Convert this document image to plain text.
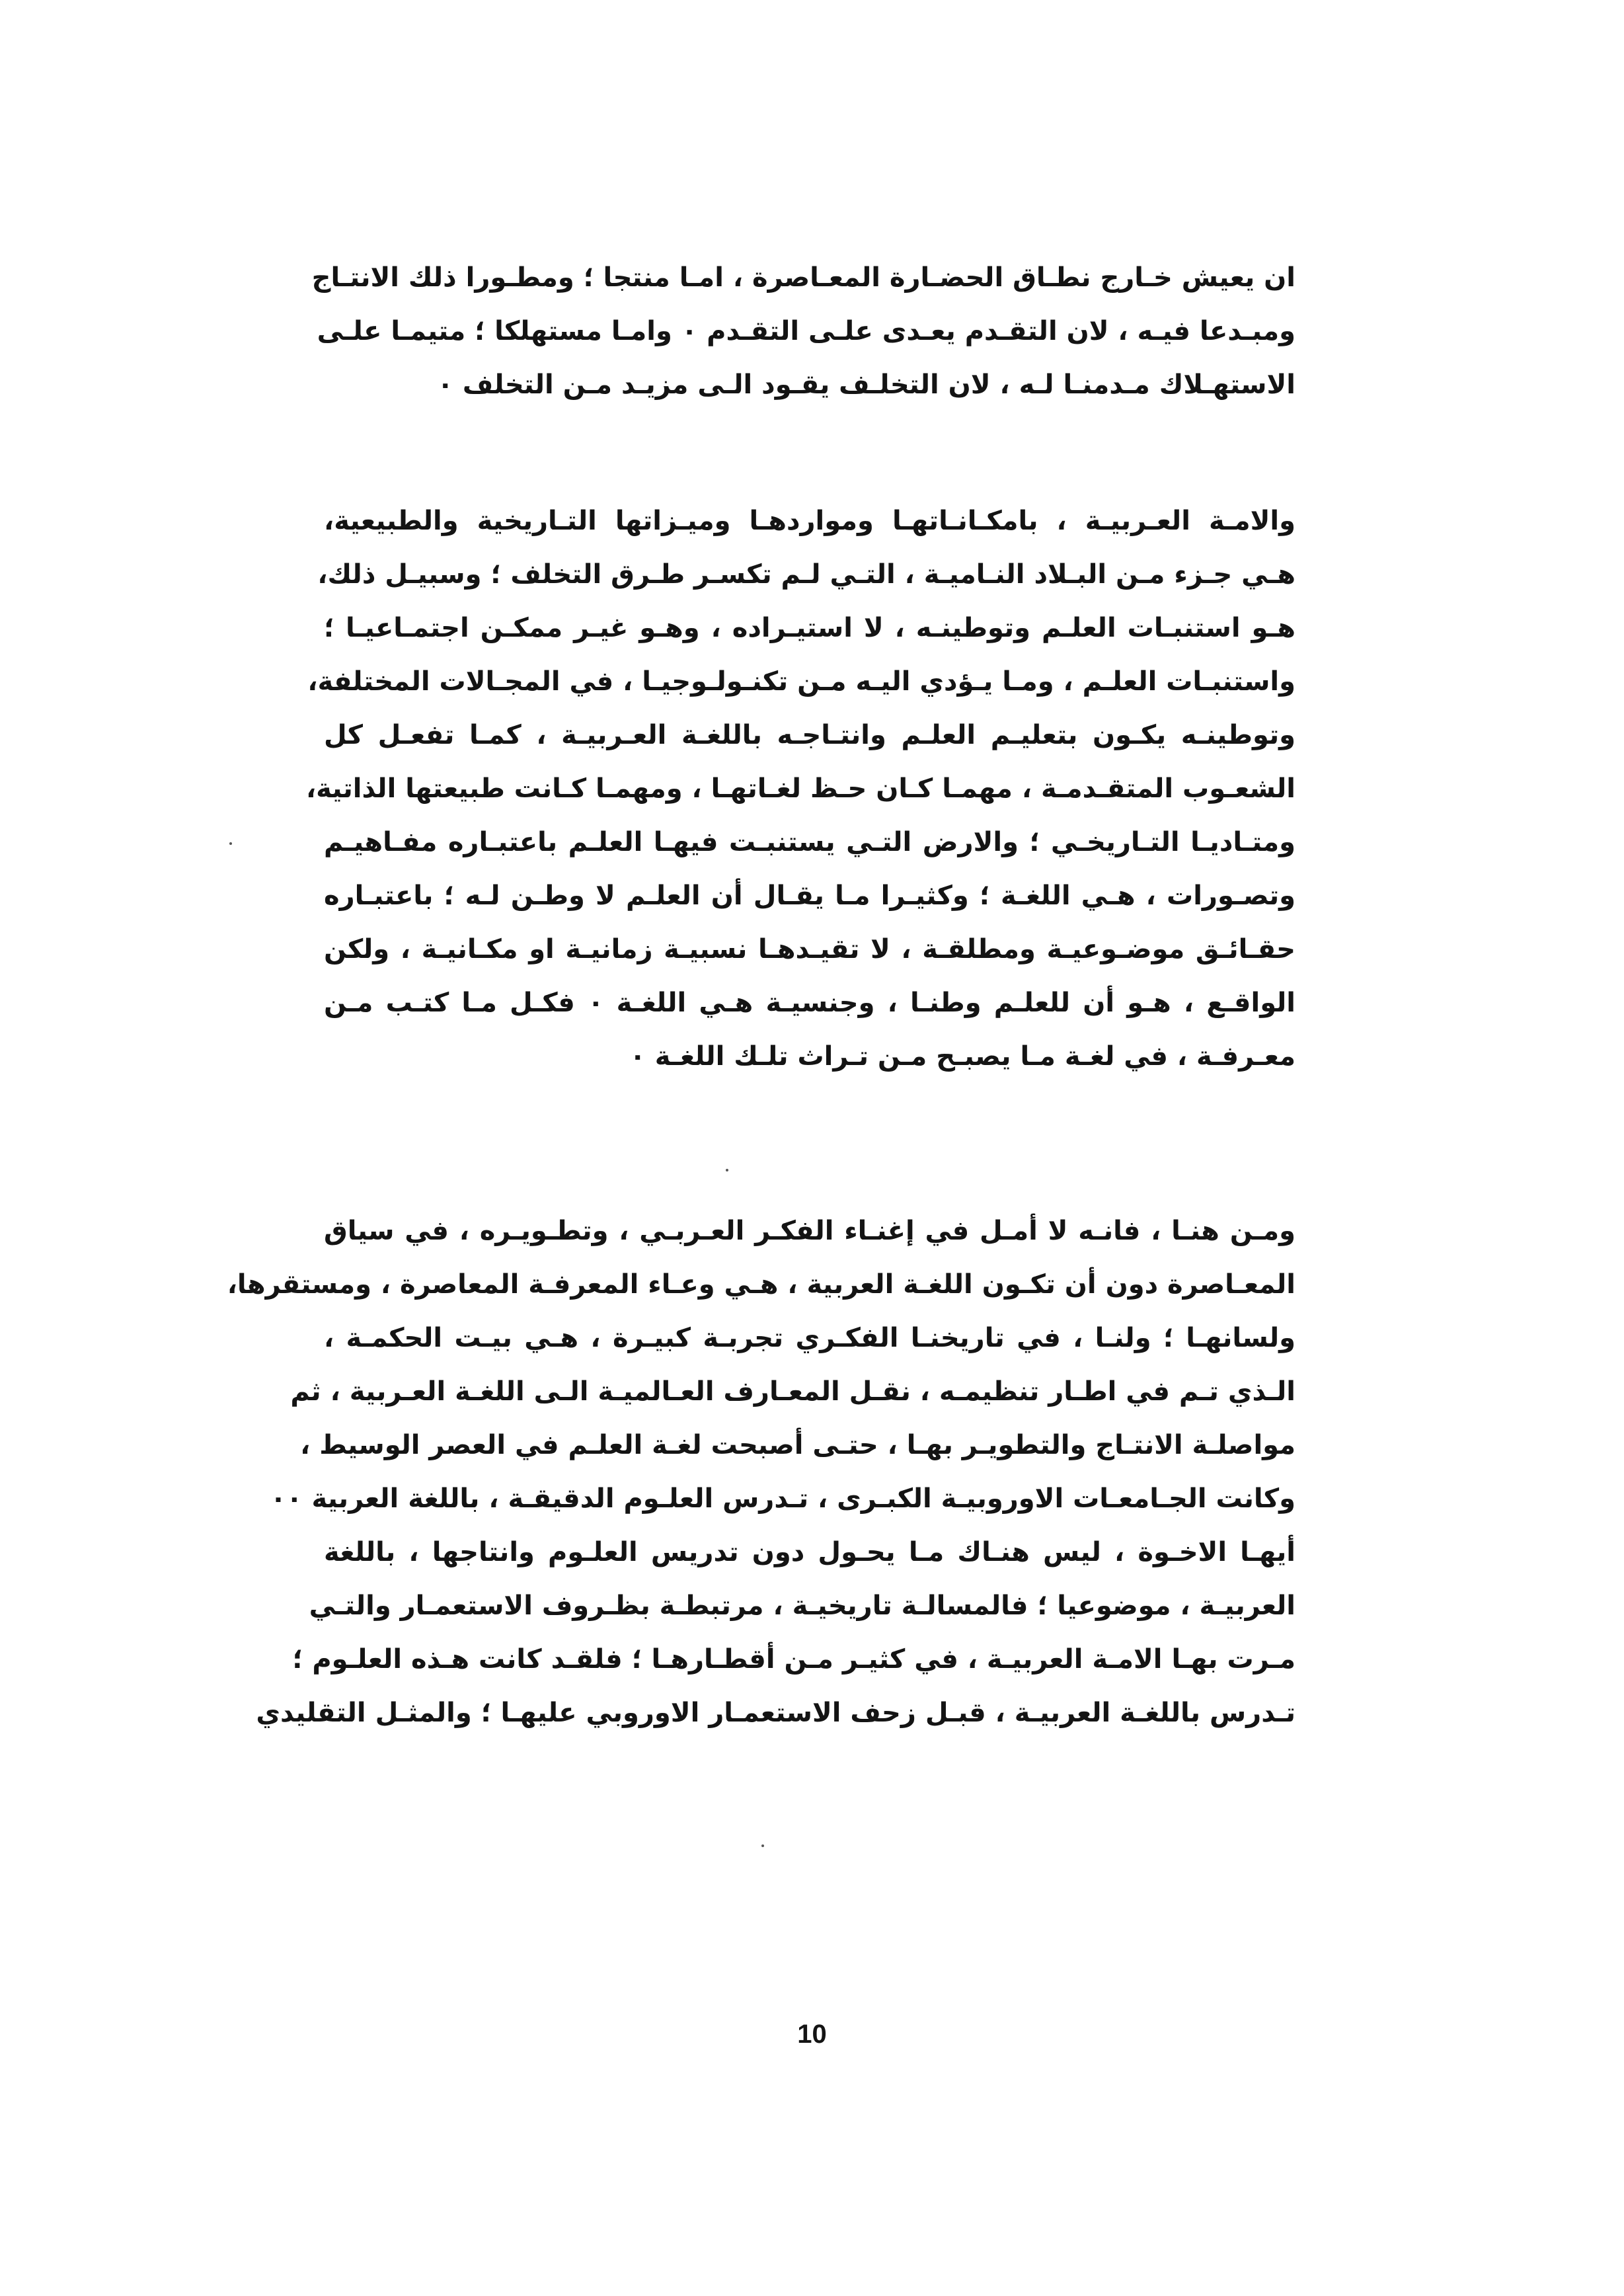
ان يعيش خـارج نطـاق الحضـارة المعـاصرة ، امـا منتجا ؛ ومطـورا ذلك الانتـاج
ومبـدعا فيـه ، لان التقـدم يعـدى علـى التقـدم ٠ وامـا مستهلكا ؛ متيمـا علـى
الاستهـلاك مـدمنـا لـه ، لان التخلـف يقـود الـى مزيـد مـن التخلف ٠
والامـة العـربيـة ، بامكـانـاتهـا ومواردهـا وميـزاتها التـاريخية والطبيعية،
هـي جـزء مـن البـلاد النـاميـة ، التـي لـم تكسـر طـرق التخلف ؛ وسبيـل ذلك،
هـو استنبـات العلـم وتوطينـه ، لا استيـراده ، وهـو غيـر ممكـن اجتمـاعيـا ؛
واستنبـات العلـم ، ومـا يـؤدي اليـه مـن تكنـولـوجيـا ، في المجـالات المختلفة،
وتوطينـه يكـون بتعليـم العلـم وانتـاجـه باللغـة العـربيـة ، كمـا تفعـل كل
الشعـوب المتقـدمـة ، مهمـا كـان حـظ لغـاتهـا ، ومهمـا كـانت طبيعتها الذاتية،
ومتـاديـا التـاريخـي ؛ والارض التـي يستنبـت فيهـا العلـم باعتبـاره مفـاهيـم
وتصـورات ، هـي اللغـة ؛ وكثيـرا مـا يقـال أن العلـم لا وطـن لـه ؛ باعتبـاره
حقـائـق موضـوعيـة ومطلقـة ، لا تقيـدهـا نسبيـة زمانيـة او مكـانيـة ، ولكن
الواقـع ، هـو أن للعلـم وطنـا ، وجنسيـة هـي اللغـة ٠ فكـل مـا كتـب مـن
معـرفـة ، في لغـة مـا يصبـح مـن تـراث تلـك اللغـة ٠
ومـن هنـا ، فانـه لا أمـل في إغنـاء الفكـر العـربـي ، وتطـويـره ، في سياق
المعـاصرة دون أن تكـون اللغـة العربية ، هـي وعـاء المعرفـة المعاصرة ، ومستقرها،
ولسانهـا ؛ ولنـا ، في تاريخنـا الفكـري تجربـة كبيـرة ، هـي بيـت الحكمـة ،
الـذي تـم في اطـار تنظيمـه ، نقـل المعـارف العـالميـة الـى اللغـة العـربية ، ثم
مواصلـة الانتـاج والتطويـر بهـا ، حتـى أصبحت لغـة العلـم في العصر الوسيط ،
وكانت الجـامعـات الاوروبيـة الكبـرى ، تـدرس العلـوم الدقيقـة ، باللغة العربية ٠٠
أيهـا الاخـوة ، ليس هنـاك مـا يحـول دون تدريس العلـوم وانتاجها ، باللغة
العربيـة ، موضوعيا ؛ فالمسالـة تاريخيـة ، مرتبطـة بظـروف الاستعمـار والتـي
مـرت بهـا الامـة العربيـة ، في كثيـر مـن أقطـارهـا ؛ فلقـد كانت هـذه العلـوم ؛
تـدرس باللغـة العربيـة ، قبـل زحف الاستعمـار الاوروبي عليهـا ؛ والمثـل التقليدي
10
